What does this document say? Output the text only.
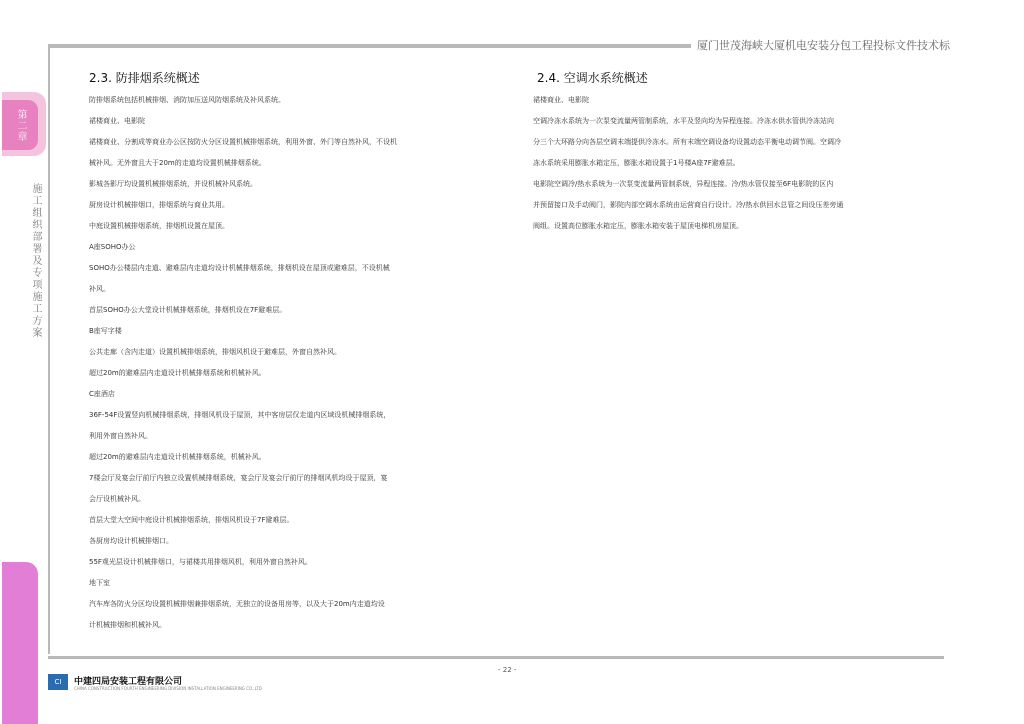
厦门世茂海峡大厦机电安装分包工程投标文件技术标
第二章
施工组织部署及专项施工方案
2.3. 防排烟系统概述

防排烟系统包括机械排烟、消防加压送风防烟系统及补风系统。

裙楼商业、电影院

裙楼商业、分割成等商业办公区按防火分区设置机械排烟系统，利用外窗、外门等自然补风，不设机

械补风。无外窗且大于20m的走道均设置机械排烟系统。

影城各影厅均设置机械排烟系统，并设机械补风系统。

厨房设计机械排烟口，排烟系统与商业共用。

中庭设置机械排烟系统，排烟机设置在屋顶。

A座SOHO办公

SOHO办公楼层内走道、避难层内走道均设计机械排烟系统，排烟机设在屋顶或避难层，不设机械

补风。

首层SOHO办公大堂设计机械排烟系统，排烟机设在7F避难层。

B座写字楼

公共走廊（含内走道）设置机械排烟系统，排烟风机设于避难层，外窗自然补风。

超过20m的避难层内走道设计机械排烟系统和机械补风。

C座酒店

36F-54F设置竖向机械排烟系统，排烟风机设于屋顶，其中客房层仅走道内区域设机械排烟系统，

利用外窗自然补风。

超过20m的避难层内走道设计机械排烟系统，机械补风。

7楼会厅及宴会厅前厅内独立设置机械排烟系统，宴会厅及宴会厅前厅的排烟风机均设于屋顶，宴

会厅设机械补风。

首层大堂大空间中庭设计机械排烟系统，排烟风机设于7F避难层。

各厨房均设计机械排烟口。

55F观光层设计机械排烟口，与裙楼共用排烟风机，利用外窗自然补风。

地下室

汽车库各防火分区均设置机械排烟兼排烟系统，无独立的设备用房等，以及大于20m内走道均设

计机械排烟和机械补风。

2.4. 空调水系统概述

裙楼商业、电影院

空调冷冻水系统为一次泵变流量两管制系统，水平及竖向均为异程连接。冷冻水供水管供冷冻站向

分三个大环路分向各层空调末端提供冷冻水。所有末端空调设备均设置动态平衡电动调节阀。空调冷

冻水系统采用膨胀水箱定压，膨胀水箱设置于1号楼A座7F避难层。

电影院空调冷/热水系统为一次泵变流量两管制系统，异程连接。冷/热水管仅接至6F电影院的区内

并预留接口及手动阀门，影院内部空调水系统由运营商自行设计。冷/热水供回水总管之间设压差旁通

阀组。设置高位膨胀水箱定压，膨胀水箱安装于屋顶电梯机房屋顶。

- 22 -
CI	中建四局安装工程有限公司
CHINA CONSTRUCTION FOURTH ENGINEERING DIVISION INSTALLATION ENGINEERING CO.,LTD
